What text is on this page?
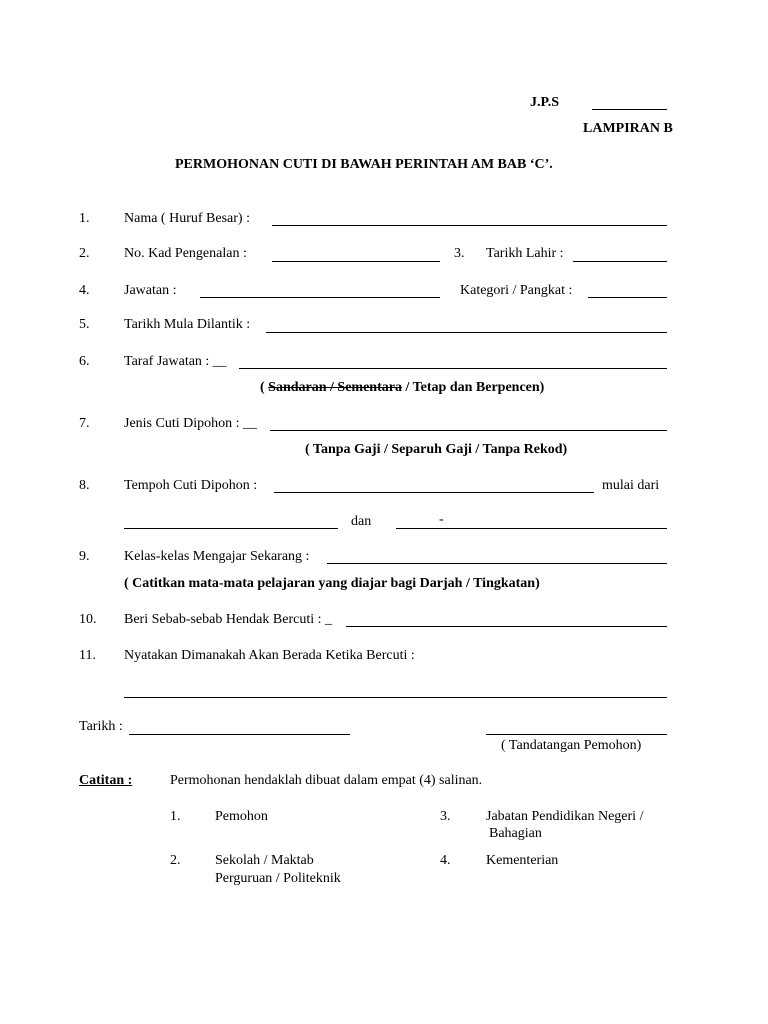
J.P.S
LAMPIRAN B
PERMOHONAN CUTI DI BAWAH PERINTAH AM BAB ‘C’.
1. Nama ( Huruf Besar) :
2. No. Kad Pengenalan :	3. Tarikh Lahir :
4. Jawatan :	Kategori / Pangkat :
5. Tarikh Mula Dilantik :
6. Taraf Jawatan : __
( Sandaran / Sementara / Tetap dan Berpencen)
7. Jenis Cuti Dipohon : __
( Tanpa Gaji / Separuh Gaji / Tanpa Rekod)
8. Tempoh Cuti Dipohon :	mulai dari
dan	-
9. Kelas-kelas Mengajar Sekarang :
( Catitkan mata-mata pelajaran yang diajar bagi Darjah / Tingkatan)
10. Beri Sebab-sebab Hendak Bercuti : _
11. Nyatakan Dimanakah Akan Berada Ketika Bercuti :
Tarikh :
( Tandatangan Pemohon)
Catitan :	Permohonan hendaklah dibuat dalam empat (4) salinan.
1. Pemohon	3.	Jabatan Pendidikan Negeri /
Bahagian
2. Sekolah / Maktab
Perguruan / Politeknik
4.	Kementerian
